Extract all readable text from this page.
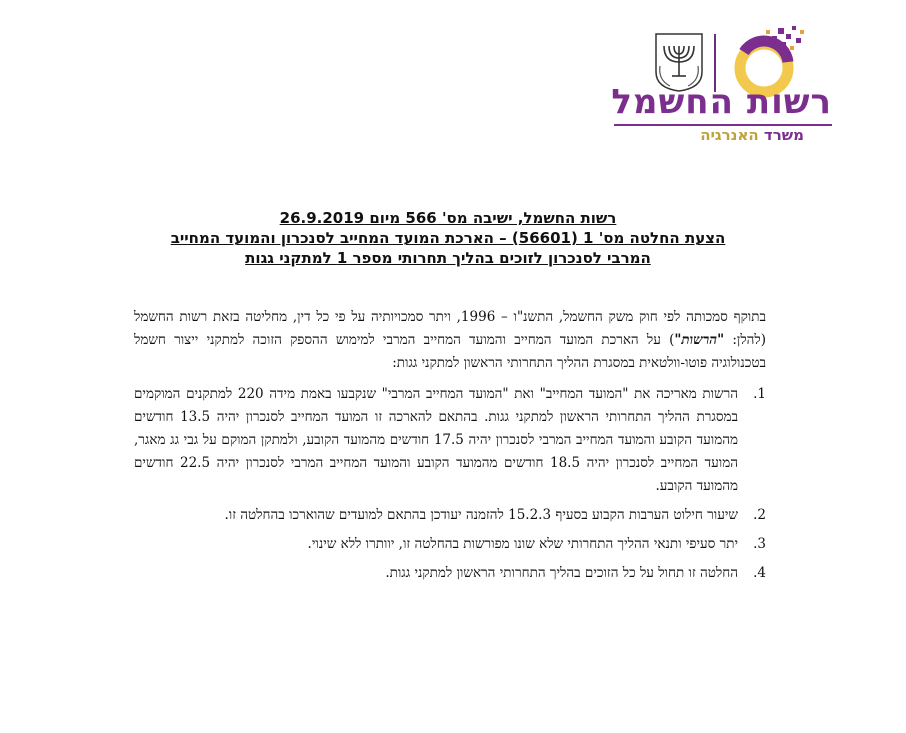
רשות החשמל
משרד האנרגיה
רשות החשמל, ישיבה מס' 566 מיום 26.9.2019
הצעת החלטה מס' 1 (56601) – הארכת המועד המחייב לסנכרון והמועד המחייב
המרבי לסנכרון לזוכים בהליך תחרותי מספר 1 למתקני גגות

בתוקף סמכותה לפי חוק משק החשמל, התשנ"ו – 1996, ויתר סמכויותיה על פי כל דין, מחליטה בזאת רשות החשמל (להלן: "הרשות") על הארכת המועד המחייב והמועד המחייב המרבי למימוש ההספק הזוכה למתקני ייצור חשמל בטכנולוגיה פוטו-וולטאית במסגרת ההליך התחרותי הראשון למתקני גגות:

1.
הרשות מאריכה את "המועד המחייב" ואת "המועד המחייב המרבי" שנקבעו באמת מידה 220 למתקנים המוקמים במסגרת ההליך התחרותי הראשון למתקני גגות. בהתאם להארכה זו המועד המחייב לסנכרון יהיה 13.5 חודשים מהמועד הקובע והמועד המחייב המרבי לסנכרון יהיה 17.5 חודשים מהמועד הקובע, ולמתקן המוקם על גבי גג מאגר, המועד המחייב לסנכרון יהיה 18.5 חודשים מהמועד הקובע והמועד המחייב המרבי לסנכרון יהיה 22.5 חודשים מהמועד הקובע.
2.
שיעור חילוט הערבות הקבוע בסעיף 15.2.3 להזמנה יעודכן בהתאם למועדים שהוארכו בהחלטה זו.
3.
יתר סעיפי ותנאי ההליך התחרותי שלא שונו מפורשות בהחלטה זו, יוותרו ללא שינוי.
4.
החלטה זו תחול על כל הזוכים בהליך התחרותי הראשון למתקני גגות.
